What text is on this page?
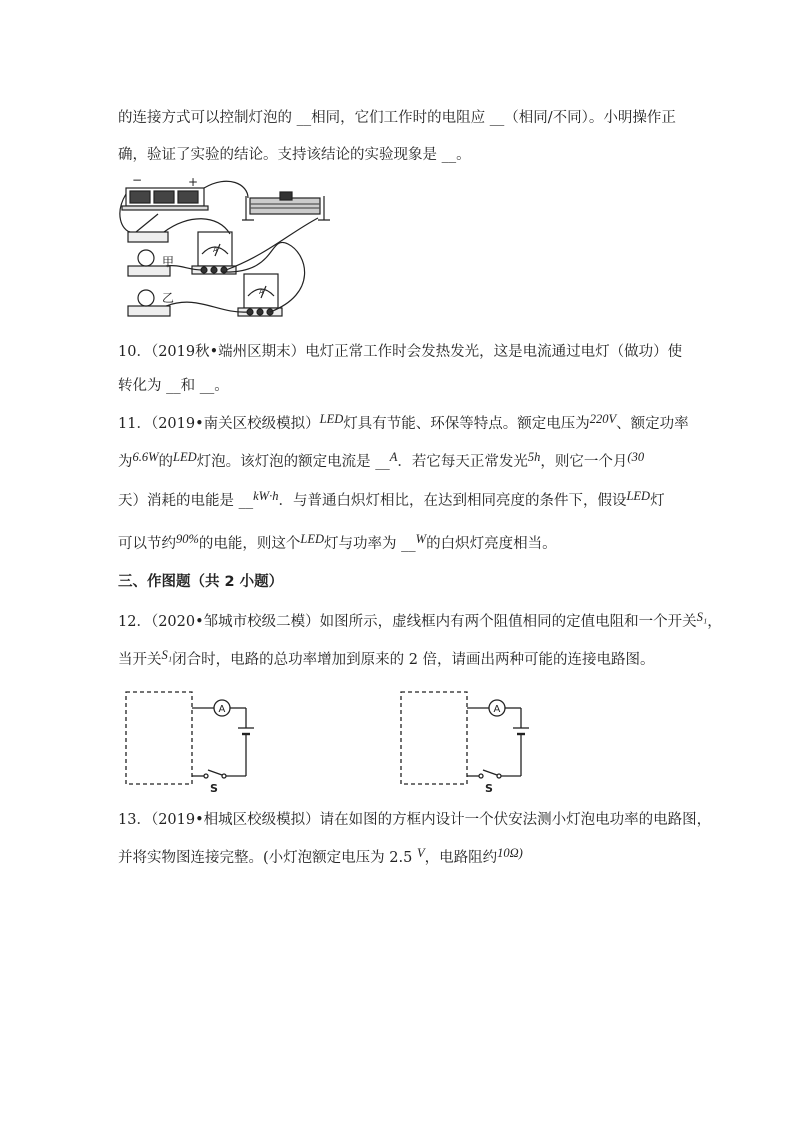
的连接方式可以控制灯泡的 __相同，它们工作时的电阻应 __（相同/不同）。小明操作正
确，验证了实验的结论。支持该结论的实验现象是 __。
−	+
甲
乙
A
A
10．（2019秋•端州区期末）电灯正常工作时会发热发光，这是电流通过电灯（做功）使
转化为 __和 __。
11．（2019•南关区校级模拟）LED灯具有节能、环保等特点。额定电压为220V、额定功率
为6.6W的LED灯泡。该灯泡的额定电流是 __A．若它每天正常发光5h，则它一个月(30
天）消耗的电能是 __kW·h．与普通白炽灯相比，在达到相同亮度的条件下，假设LED灯
可以节约90%的电能，则这个LED灯与功率为 __W的白炽灯亮度相当。
三、作图题（共 2 小题）
12．（2020•邹城市校级二模）如图所示，虚线框内有两个阻值相同的定值电阻和一个开关S₁，
当开关S₁闭合时，电路的总功率增加到原来的 2 倍，请画出两种可能的连接电路图。
A
S
A
S
13．（2019•相城区校级模拟）请在如图的方框内设计一个伏安法测小灯泡电功率的电路图，
并将实物图连接完整。(小灯泡额定电压为 2.5 V，电路阻约10Ω)
